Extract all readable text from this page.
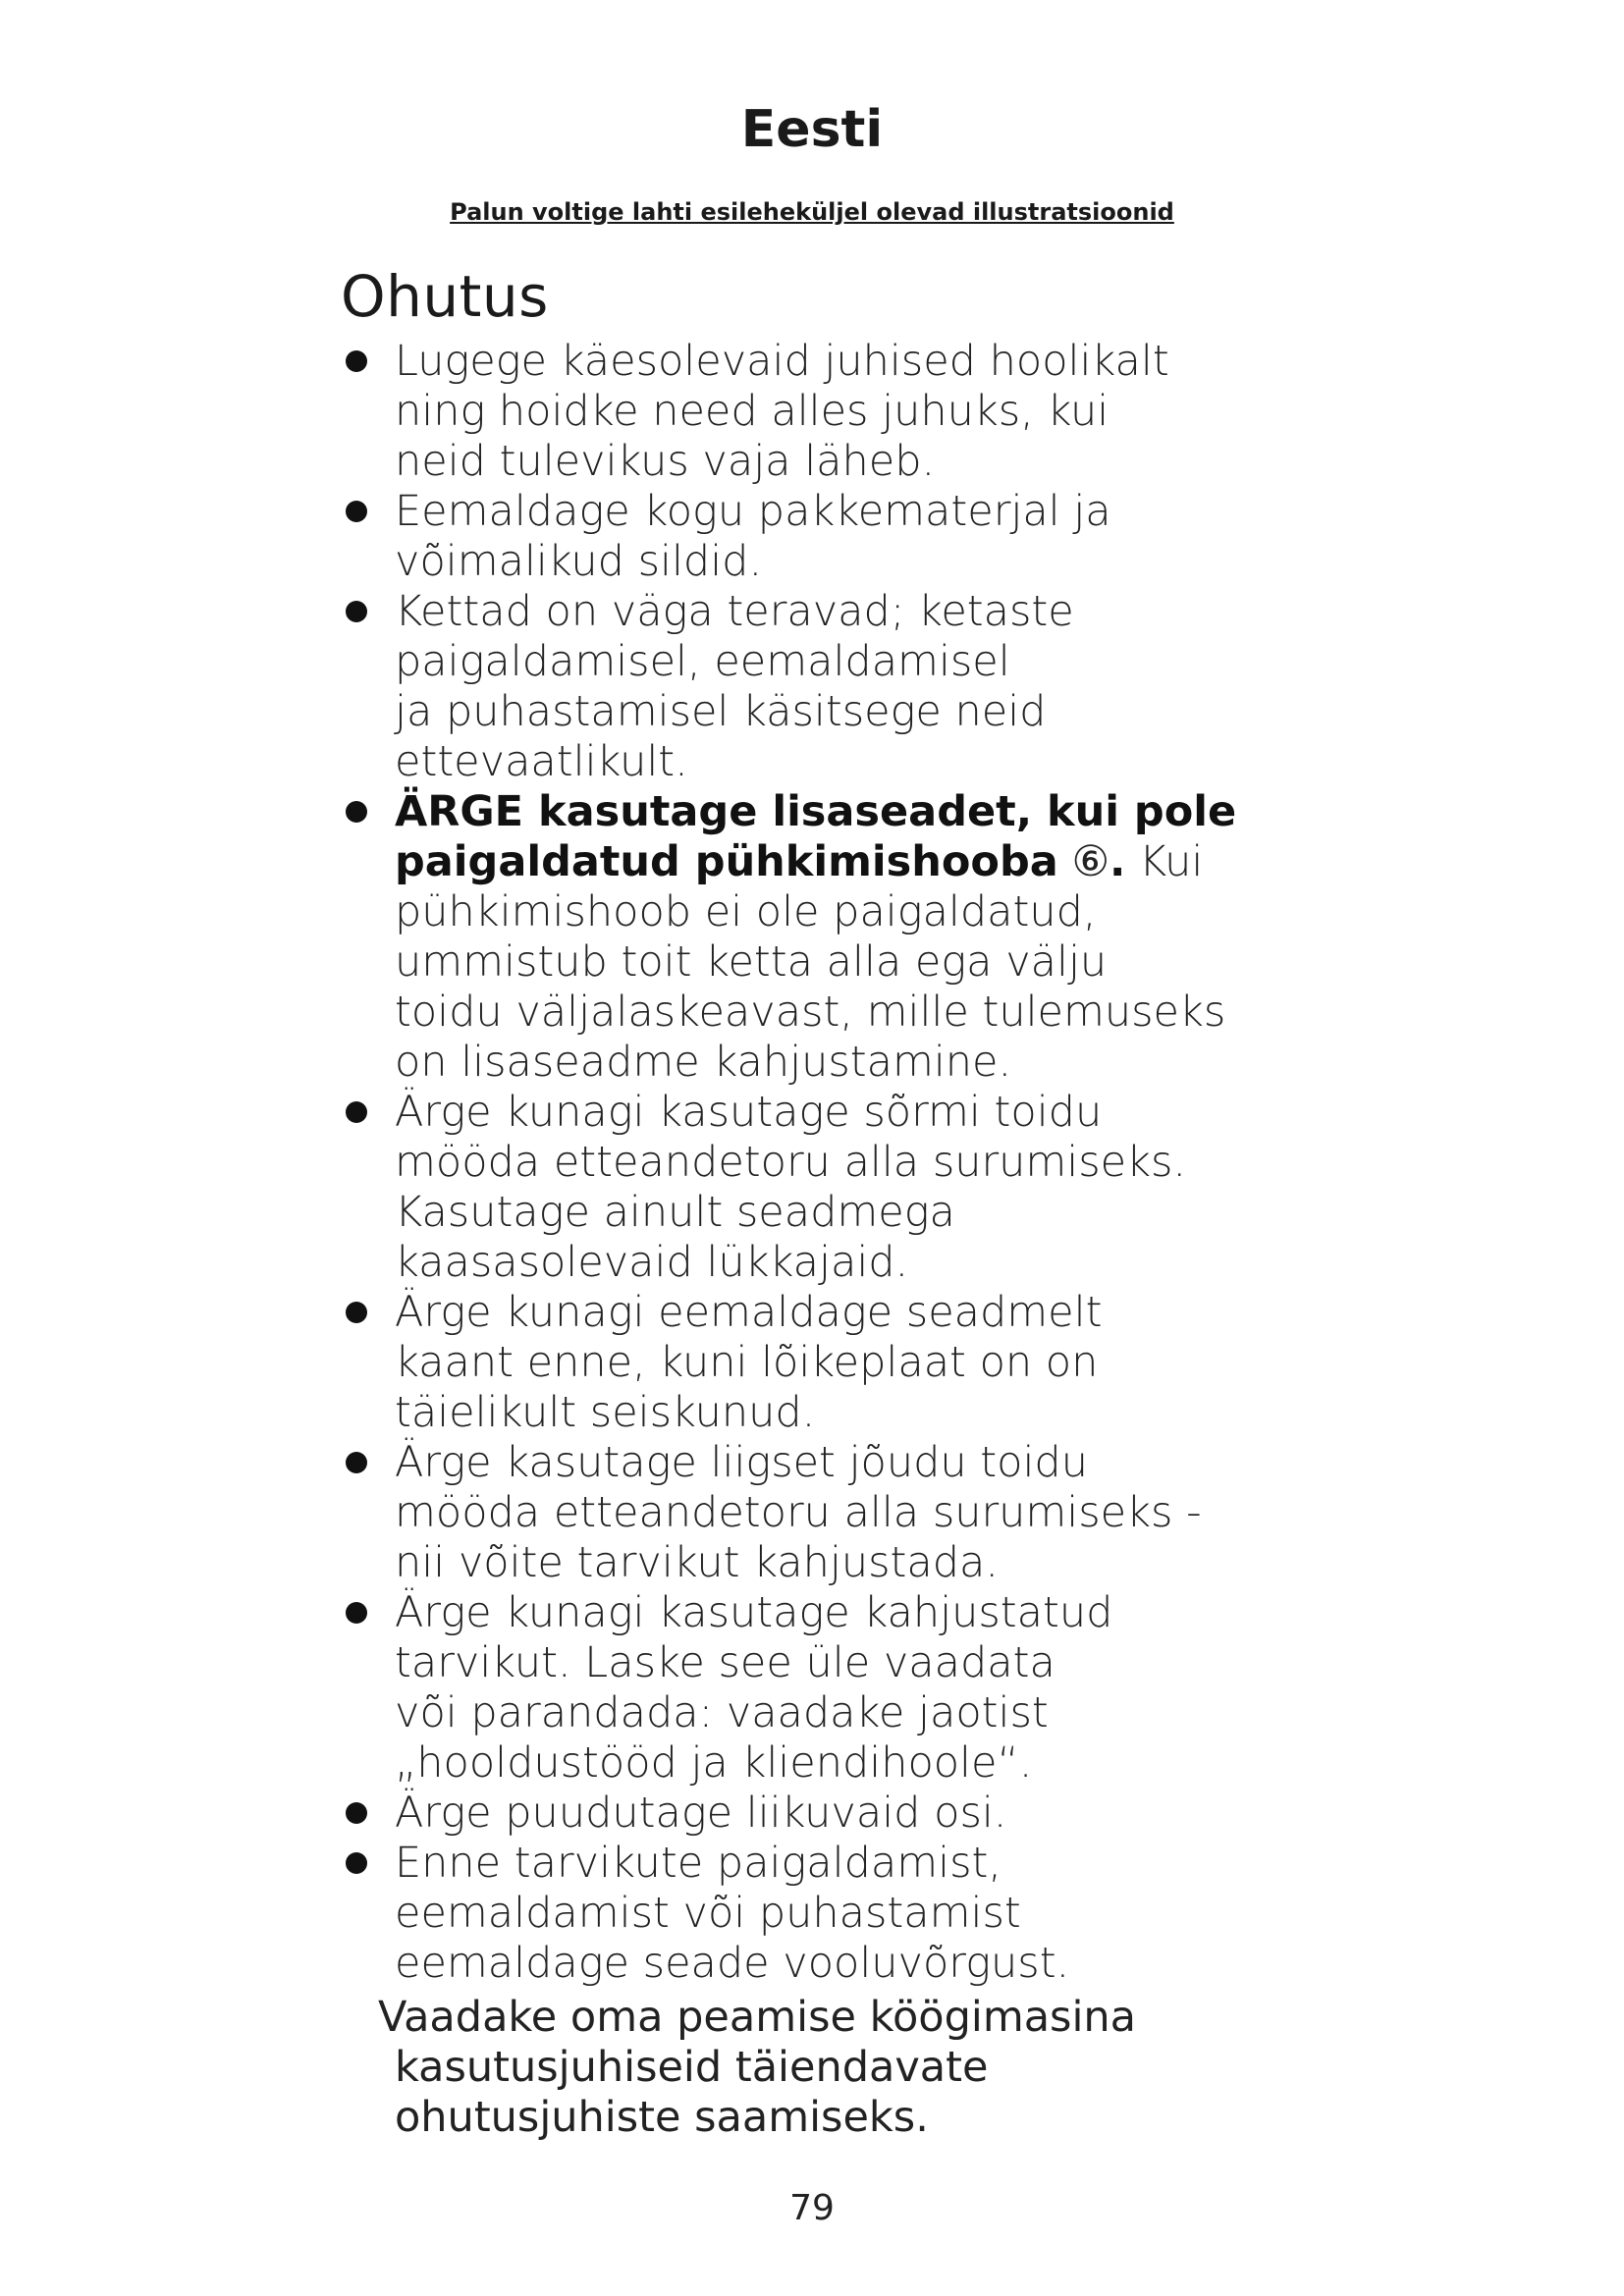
Eesti

Palun voltige lahti esileheküljel olevad illustratsioonid

Ohutus
Lugege käesolevaid juhised hoolikalt
ning hoidke need alles juhuks, kui
neid tulevikus vaja läheb.
Eemaldage kogu pakkematerjal ja
võimalikud sildid.
Kettad on väga teravad; ketaste
paigaldamisel, eemaldamisel
ja puhastamisel käsitsege neid
ettevaatlikult.
ÄRGE kasutage lisaseadet, kui pole
paigaldatud pühkimishooba ⑥. Kui
pühkimishoob ei ole paigaldatud,
ummistub toit ketta alla ega välju
toidu väljalaskeavast, mille tulemuseks
on lisaseadme kahjustamine.
Ärge kunagi kasutage sõrmi toidu
mööda etteandetoru alla surumiseks.
Kasutage ainult seadmega
kaasasolevaid lükkajaid.
Ärge kunagi eemaldage seadmelt
kaant enne, kuni lõikeplaat on on
täielikult seiskunud.
Ärge kasutage liigset jõudu toidu
mööda etteandetoru alla surumiseks -
nii võite tarvikut kahjustada.
Ärge kunagi kasutage kahjustatud
tarvikut. Laske see üle vaadata
või parandada: vaadake jaotist
„hooldustööd ja kliendihoole“.
Ärge puudutage liikuvaid osi.
Enne tarvikute paigaldamist,
eemaldamist või puhastamist
eemaldage seade vooluvõrgust.
Vaadake oma peamise köögimasina
kasutusjuhiseid täiendavate
ohutusjuhiste saamiseks.
79
